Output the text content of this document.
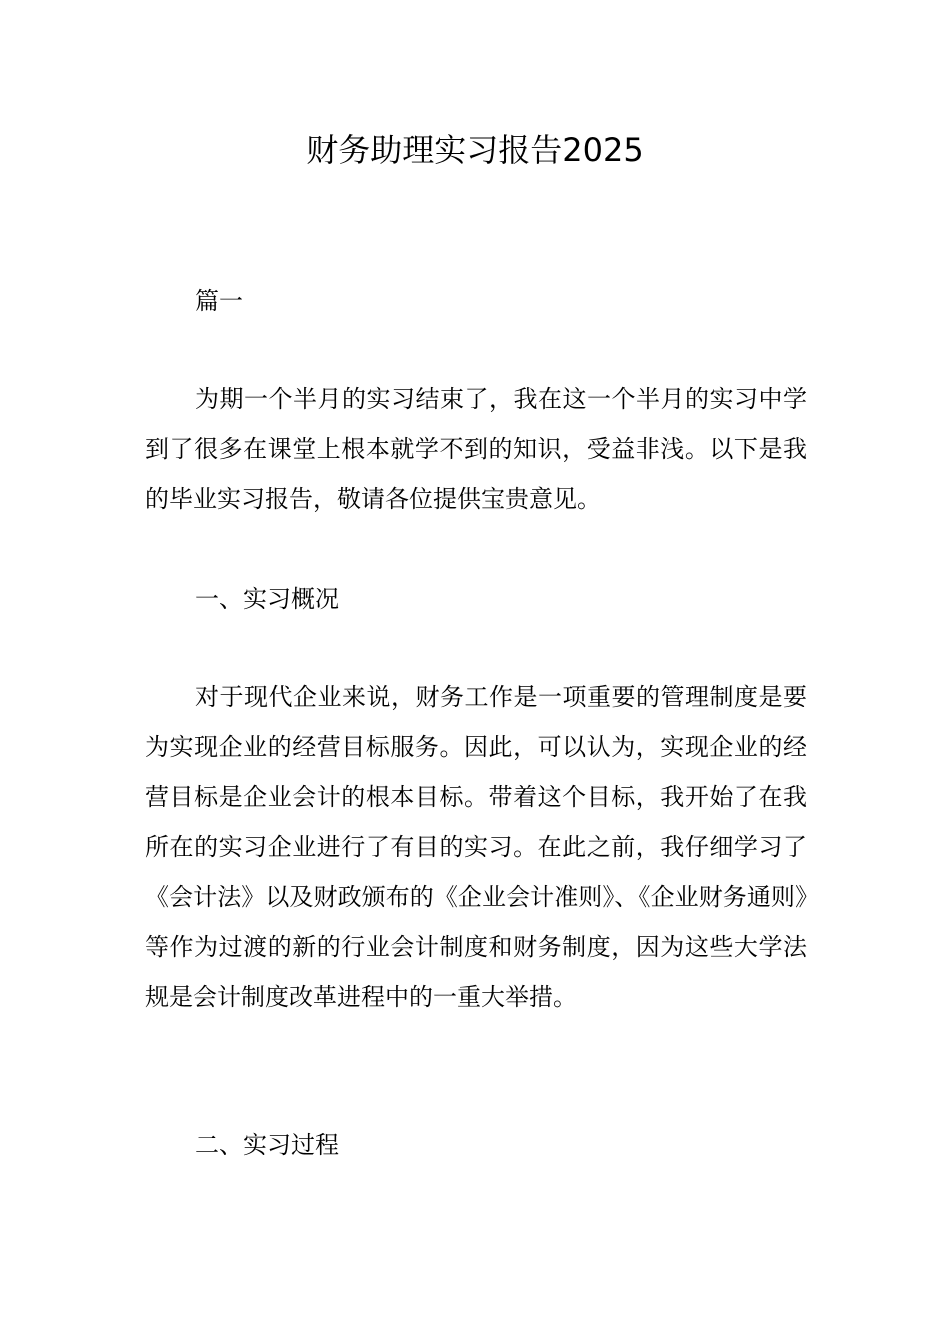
财务助理实习报告2025
篇一
为期一个半月的实习结束了，我在这一个半月的实习中学到了很多在课堂上根本就学不到的知识，受益非浅。以下是我的毕业实习报告，敬请各位提供宝贵意见。
一、实习概况
对于现代企业来说，财务工作是一项重要的管理制度是要为实现企业的经营目标服务。因此，可以认为，实现企业的经营目标是企业会计的根本目标。带着这个目标，我开始了在我所在的实习企业进行了有目的实习。在此之前，我仔细学习了《会计法》以及财政颁布的《企业会计准则》、《企业财务通则》等作为过渡的新的行业会计制度和财务制度，因为这些大学法规是会计制度改革进程中的一重大举措。
二、实习过程
